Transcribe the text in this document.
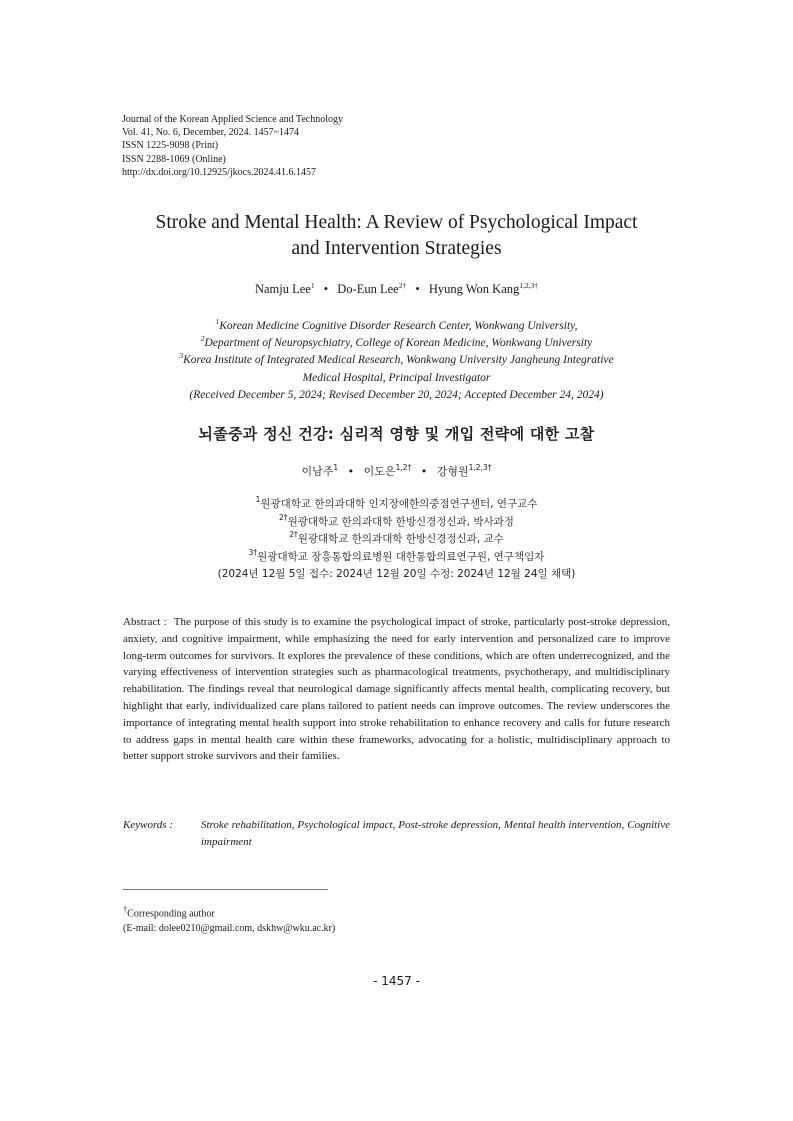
Journal of the Korean Applied Science and Technology
Vol. 41, No. 6, December, 2024. 1457~1474
ISSN 1225-9098 (Print)
ISSN 2288-1069 (Online)
http://dx.doi.org/10.12925/jkocs.2024.41.6.1457
Stroke and Mental Health: A Review of Psychological Impact
and Intervention Strategies
Namju Lee$^1$ • Do-Eun Lee$^{2\dagger}$ • Hyung Won Kang$^{1,2,3\dagger}$
$^1$Korean Medicine Cognitive Disorder Research Center, Wonkwang University,
$^2$Department of Neuropsychiatry, College of Korean Medicine, Wonkwang University
$^3$Korea Institute of Integrated Medical Research, Wonkwang University Jangheung Integrative
Medical Hospital, Principal Investigator
(Received December 5, 2024; Revised December 20, 2024; Accepted December 24, 2024)
뇌졸중과 정신 건강: 심리적 영향 및 개입 전략에 대한 고찰
이남주$^1$ • 이도은$^{1,2\dagger}$ • 강형원$^{1,2,3\dagger}$
$^1$원광대학교 한의과대학 인지장애한의중점연구센터, 연구교수
$^{2\dagger}$원광대학교 한의과대학 한방신경정신과, 박사과정
$^{2\dagger}$원광대학교 한의과대학 한방신경정신과, 교수
$^{3\dagger}$원광대학교 장흥통합의료병원 대한통합의료연구원, 연구책임자
(2024년 12월 5일 접수: 2024년 12월 20일 수정: 2024년 12월 24일 채택)
Abstract : The purpose of this study is to examine the psychological impact of stroke, particularly post-stroke depression, anxiety, and cognitive impairment, while emphasizing the need for early intervention and personalized care to improve long-term outcomes for survivors. It explores the prevalence of these conditions, which are often underrecognized, and the varying effectiveness of intervention strategies such as pharmacological treatments, psychotherapy, and multidisciplinary rehabilitation. The findings reveal that neurological damage significantly affects mental health, complicating recovery, but highlight that early, individualized care plans tailored to patient needs can improve outcomes. The review underscores the importance of integrating mental health support into stroke rehabilitation to enhance recovery and calls for future research to address gaps in mental health care within these frameworks, advocating for a holistic, multidisciplinary approach to better support stroke survivors and their families.
Keywords :	Stroke rehabilitation, Psychological impact, Post-stroke depression, Mental health intervention, Cognitive impairment
†Corresponding author
(E-mail: dolee0210@gmail.com, dskhw@wku.ac.kr)
- 1457 -
